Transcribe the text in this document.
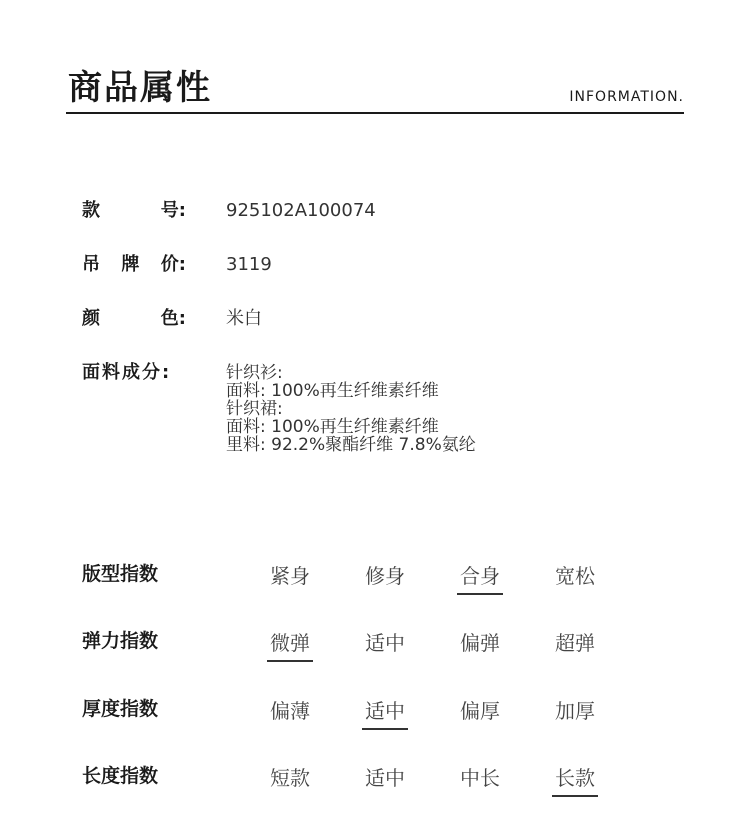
商品属性	INFORMATION.
款	号: 925102A100074
吊 牌 价: 3119
颜	色: 米白
面料成分:	针织衫:
面料: 100%再生纤维素纤维
针织裙:
面料: 100%再生纤维素纤维
里料: 92.2%聚酯纤维 7.8%氨纶
版型指数	紧身	修身	合身	宽松
弹力指数	微弹	适中	偏弹	超弹
厚度指数	偏薄	适中	偏厚	加厚
长度指数	短款	适中	中长	长款
